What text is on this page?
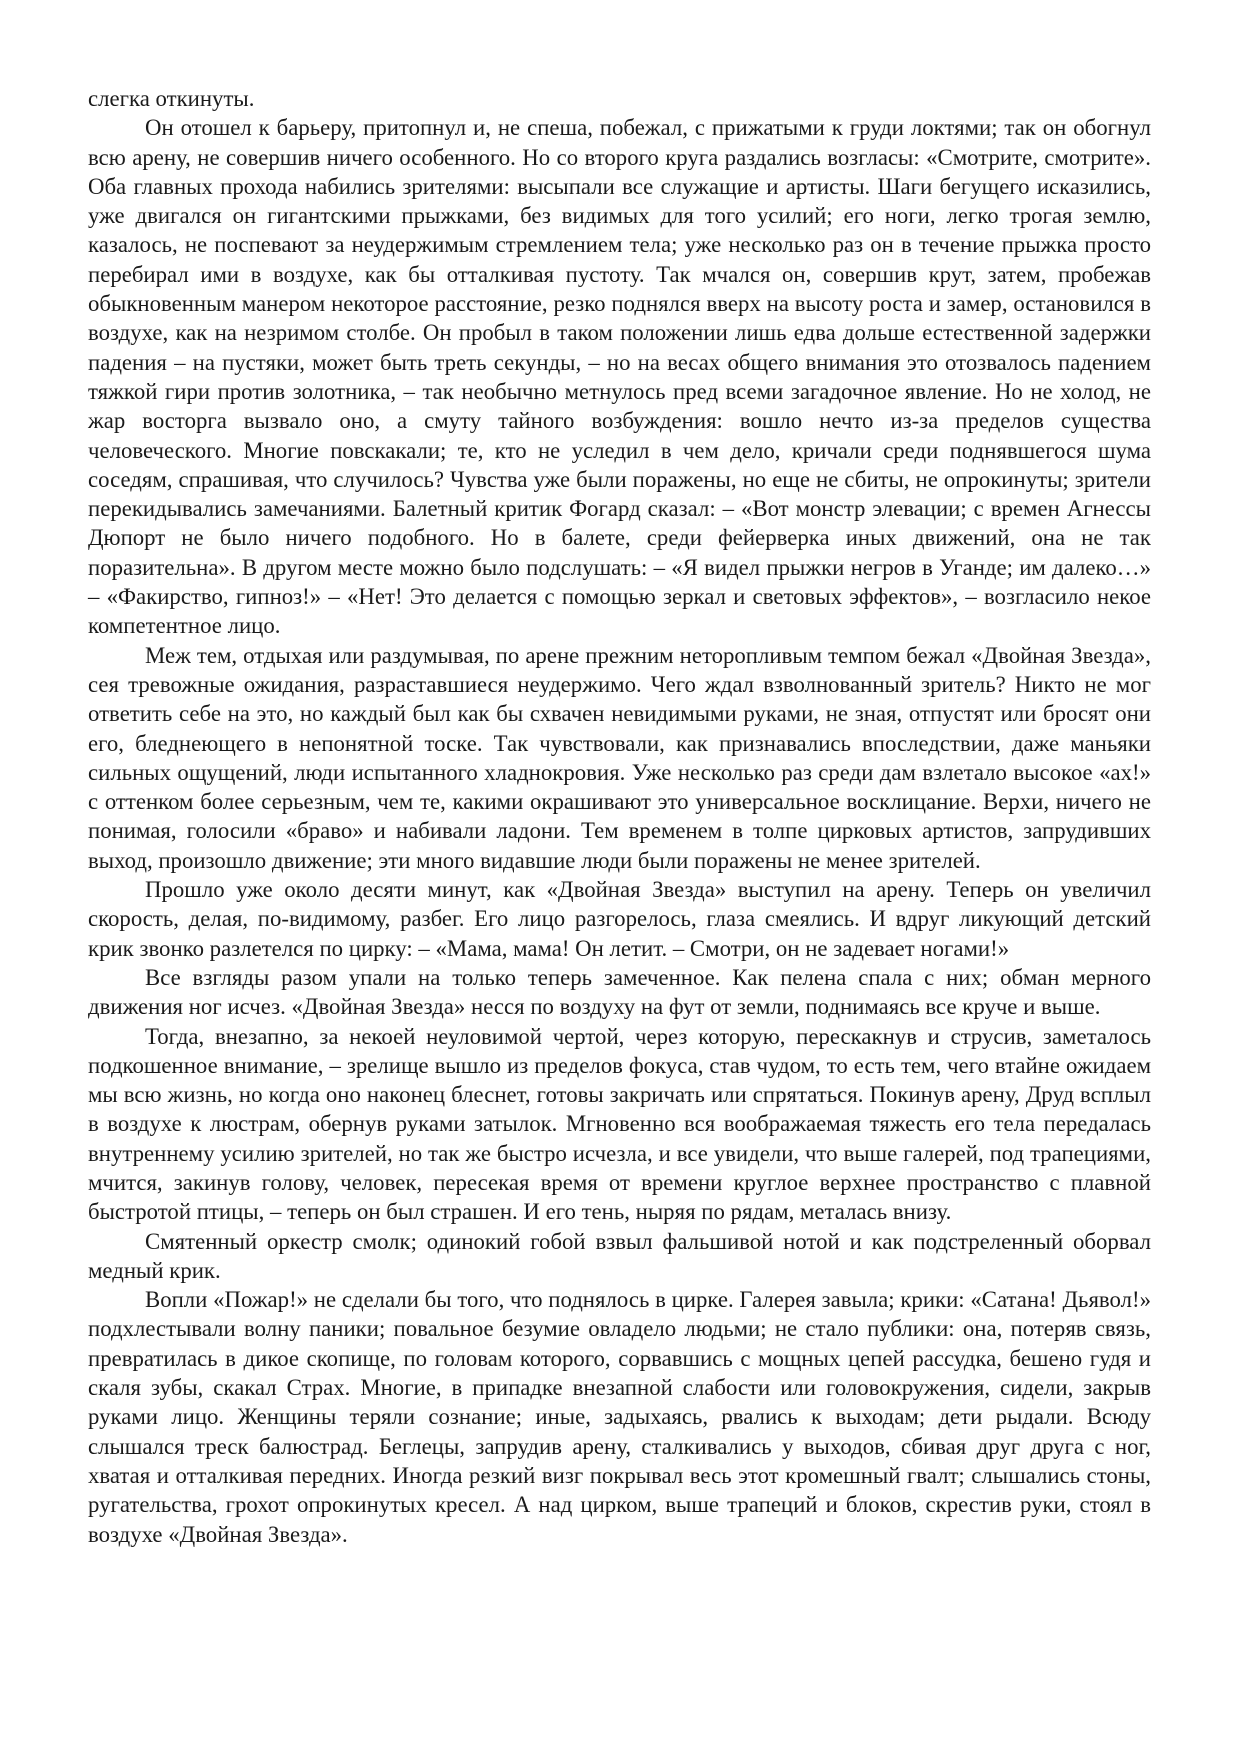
слегка откинуты.

Он отошел к барьеру, притопнул и, не спеша, побежал, с прижатыми к груди локтями; так он обогнул всю арену, не совершив ничего особенного. Но со второго круга раздались возгласы: «Смотрите, смотрите». Оба главных прохода набились зрителями: высыпали все служащие и артисты. Шаги бегущего исказились, уже двигался он гигантскими прыжками, без видимых для того усилий; его ноги, легко трогая землю, казалось, не поспевают за неудержимым стремлением тела; уже несколько раз он в течение прыжка просто перебирал ими в воздухе, как бы отталкивая пустоту. Так мчался он, совершив крут, затем, пробежав обыкновенным манером некоторое расстояние, резко поднялся вверх на высоту роста и замер, остановился в воздухе, как на незримом столбе. Он пробыл в таком положении лишь едва дольше естественной задержки падения – на пустяки, может быть треть секунды, – но на весах общего внимания это отозвалось падением тяжкой гири против золотника, – так необычно метнулось пред всеми загадочное явление. Но не холод, не жар восторга вызвало оно, а смуту тайного возбуждения: вошло нечто из-за пределов существа человеческого. Многие повскакали; те, кто не уследил в чем дело, кричали среди поднявшегося шума соседям, спрашивая, что случилось? Чувства уже были поражены, но еще не сбиты, не опрокинуты; зрители перекидывались замечаниями. Балетный критик Фогард сказал: – «Вот монстр элевации; с времен Агнессы Дюпорт не было ничего подобного. Но в балете, среди фейерверка иных движений, она не так поразительна». В другом месте можно было подслушать: – «Я видел прыжки негров в Уганде; им далеко…» – «Факирство, гипноз!» – «Нет! Это делается с помощью зеркал и световых эффектов», – возгласило некое компетентное лицо.

Меж тем, отдыхая или раздумывая, по арене прежним неторопливым темпом бежал «Двойная Звезда», сея тревожные ожидания, разраставшиеся неудержимо. Чего ждал взволнованный зритель? Никто не мог ответить себе на это, но каждый был как бы схвачен невидимыми руками, не зная, отпустят или бросят они его, бледнеющего в непонятной тоске. Так чувствовали, как признавались впоследствии, даже маньяки сильных ощущений, люди испытанного хладнокровия. Уже несколько раз среди дам взлетало высокое «ах!» с оттенком более серьезным, чем те, какими окрашивают это универсальное восклицание. Верхи, ничего не понимая, голосили «браво» и набивали ладони. Тем временем в толпе цирковых артистов, запрудивших выход, произошло движение; эти много видавшие люди были поражены не менее зрителей.

Прошло уже около десяти минут, как «Двойная Звезда» выступил на арену. Теперь он увеличил скорость, делая, по-видимому, разбег. Его лицо разгорелось, глаза смеялись. И вдруг ликующий детский крик звонко разлетелся по цирку: – «Мама, мама! Он летит. – Смотри, он не задевает ногами!»

Все взгляды разом упали на только теперь замеченное. Как пелена спала с них; обман мерного движения ног исчез. «Двойная Звезда» несся по воздуху на фут от земли, поднимаясь все круче и выше.

Тогда, внезапно, за некоей неуловимой чертой, через которую, перескакнув и струсив, заметалось подкошенное внимание, – зрелище вышло из пределов фокуса, став чудом, то есть тем, чего втайне ожидаем мы всю жизнь, но когда оно наконец блеснет, готовы закричать или спрятаться. Покинув арену, Друд всплыл в воздухе к люстрам, обернув руками затылок. Мгновенно вся воображаемая тяжесть его тела передалась внутреннему усилию зрителей, но так же быстро исчезла, и все увидели, что выше галерей, под трапециями, мчится, закинув голову, человек, пересекая время от времени круглое верхнее пространство с плавной быстротой птицы, – теперь он был страшен. И его тень, ныряя по рядам, металась внизу.

Смятенный оркестр смолк; одинокий гобой взвыл фальшивой нотой и как подстреленный оборвал медный крик.

Вопли «Пожар!» не сделали бы того, что поднялось в цирке. Галерея завыла; крики: «Сатана! Дьявол!» подхлестывали волну паники; повальное безумие овладело людьми; не стало публики: она, потеряв связь, превратилась в дикое скопище, по головам которого, сорвавшись с мощных цепей рассудка, бешено гудя и скаля зубы, скакал Страх. Многие, в припадке внезапной слабости или головокружения, сидели, закрыв руками лицо. Женщины теряли сознание; иные, задыхаясь, рвались к выходам; дети рыдали. Всюду слышался треск балюстрад. Беглецы, запрудив арену, сталкивались у выходов, сбивая друг друга с ног, хватая и отталкивая передних. Иногда резкий визг покрывал весь этот кромешный гвалт; слышались стоны, ругательства, грохот опрокинутых кресел. А над цирком, выше трапеций и блоков, скрестив руки, стоял в воздухе «Двойная Звезда».
